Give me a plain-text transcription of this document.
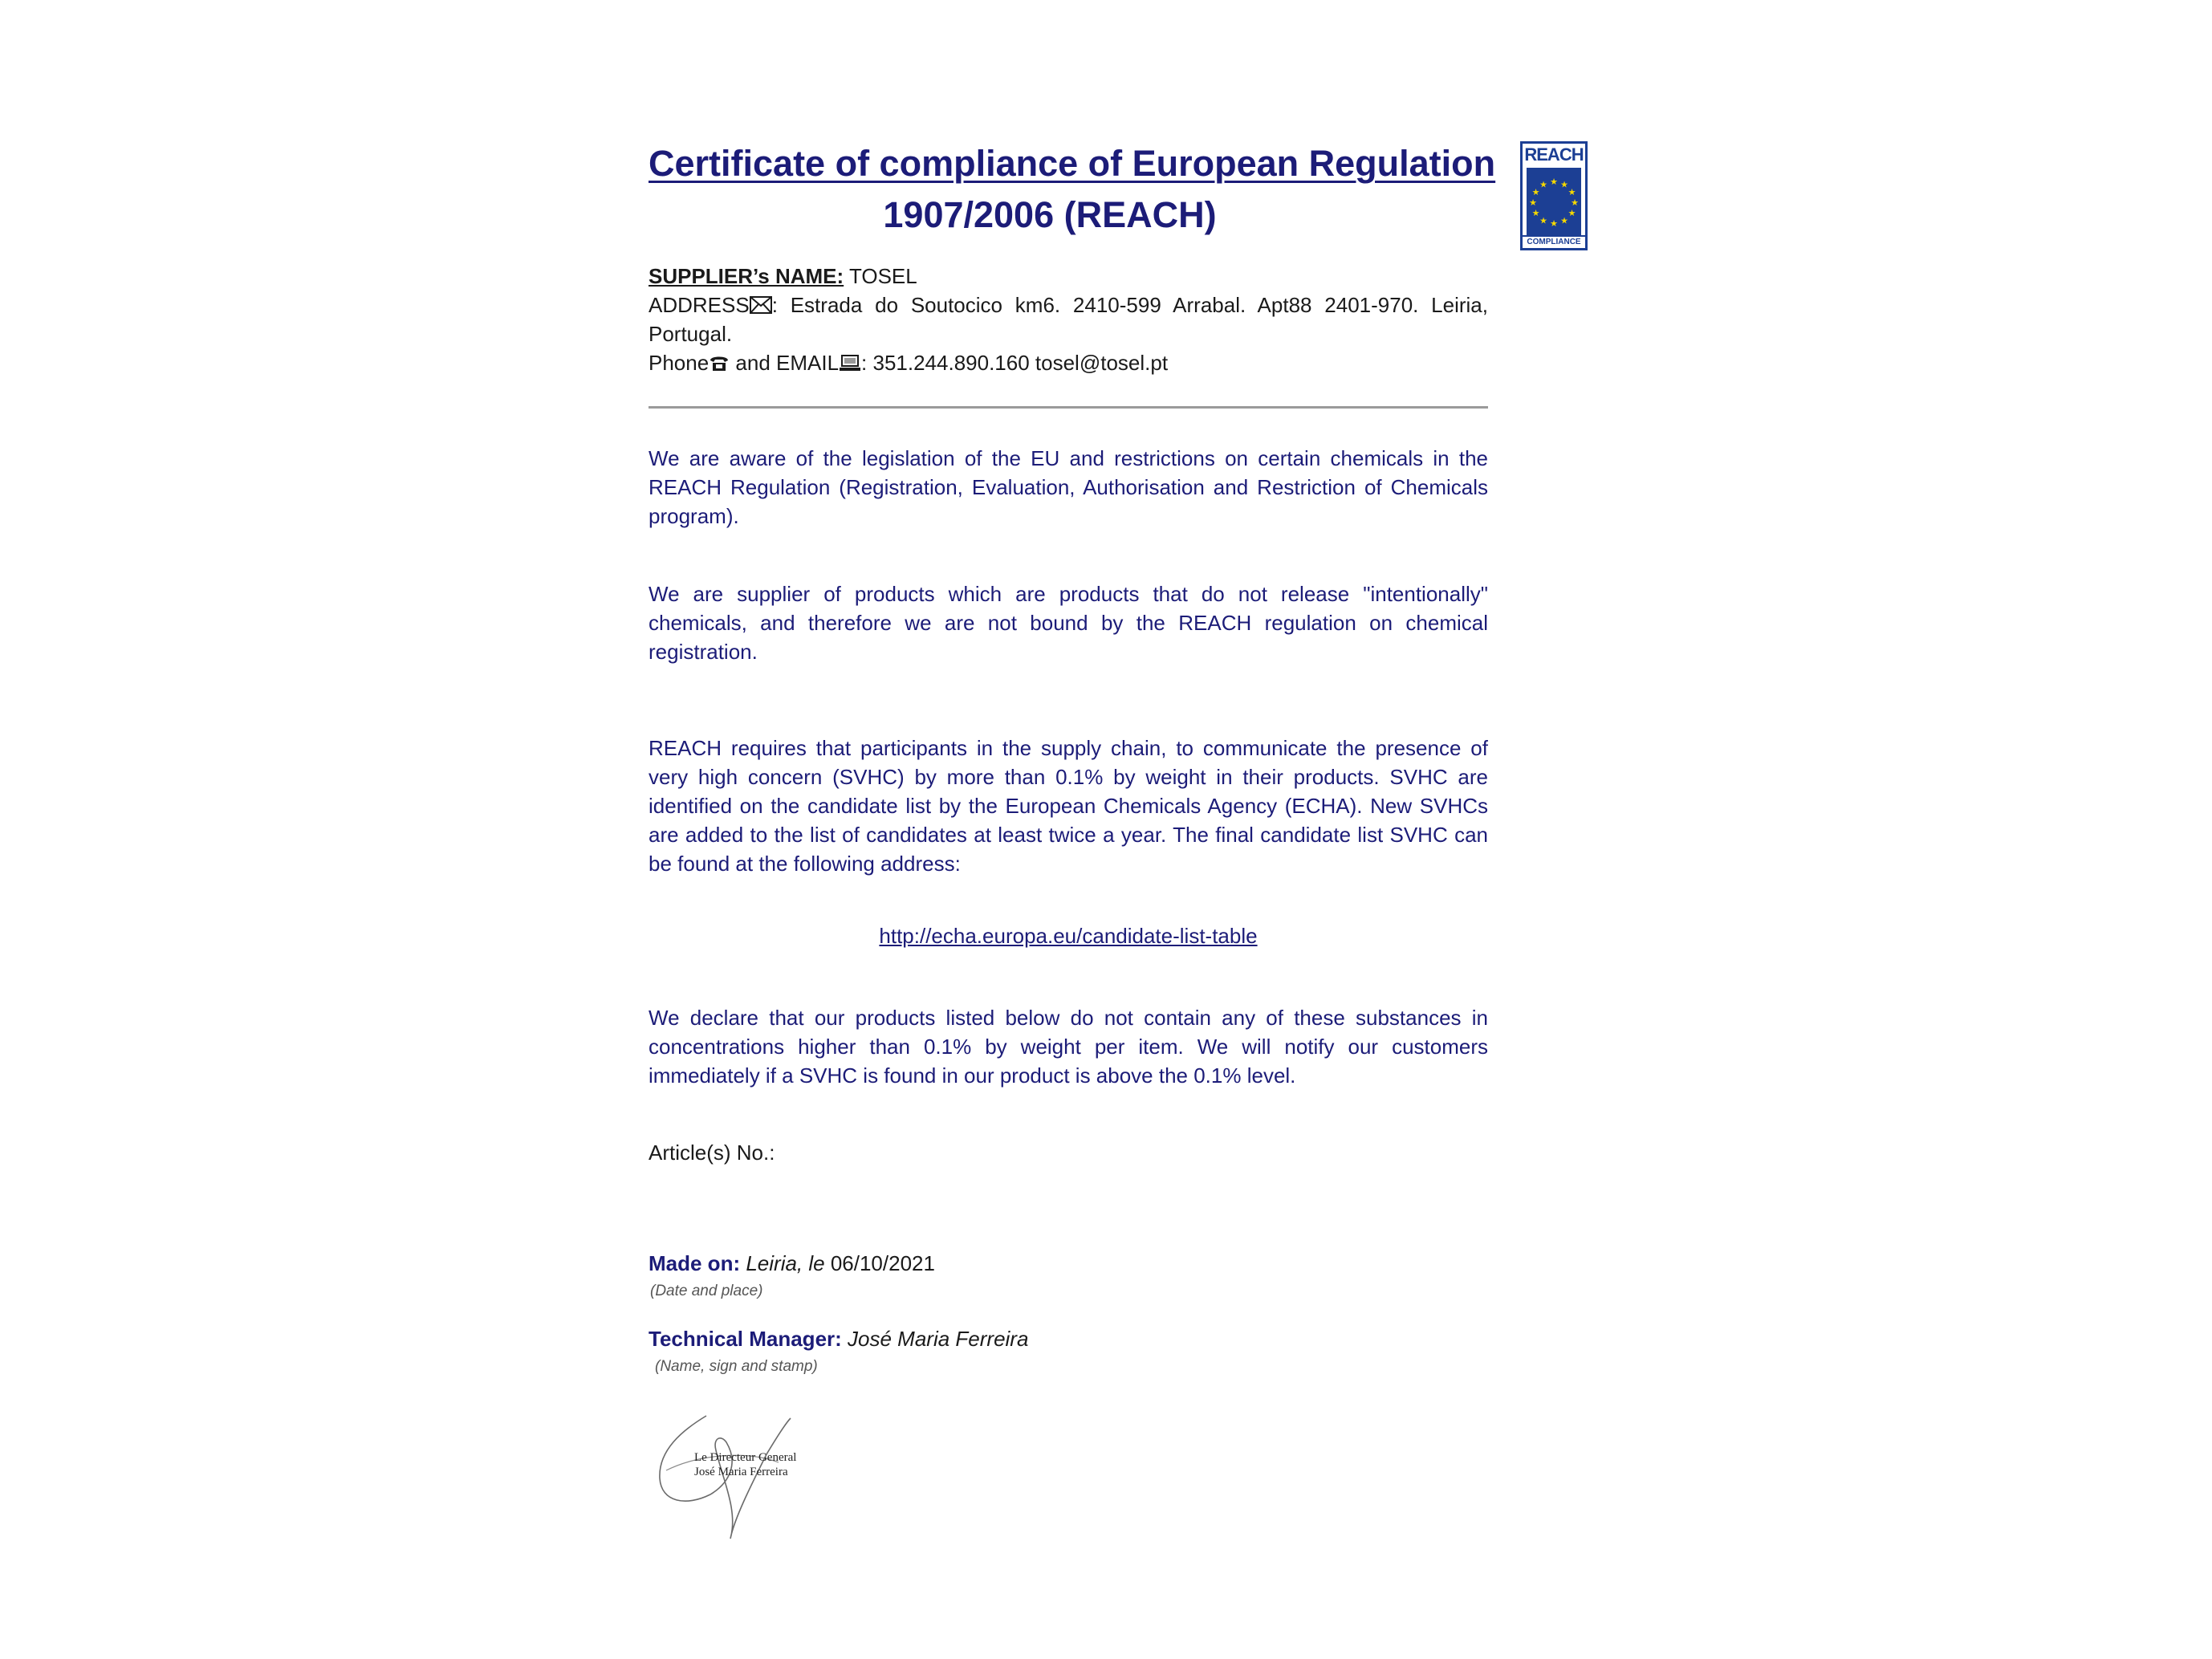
Certificate of compliance of European Regulation
1907/2006 (REACH)
REACH
★ ★
★
★
★
★
★
★
★
★
★
★
COMPLIANCE
SUPPLIER’s NAME: TOSEL
ADDRESS : Estrada do Soutocico km6. 2410-599 Arrabal. Apt88 2401-970. Leiria,
Portugal.
Phone and EMAIL : 351.244.890.160 tosel@tosel.pt
We are aware of the legislation of the EU and restrictions on certain chemicals in the
REACH Regulation (Registration, Evaluation, Authorisation and Restriction of Chemicals
program).
We are supplier of products which are products that do not release "intentionally"
chemicals, and therefore we are not bound by the REACH regulation on chemical
registration.
REACH requires that participants in the supply chain, to communicate the presence of
very high concern (SVHC) by more than 0.1% by weight in their products. SVHC are
identified on the candidate list by the European Chemicals Agency (ECHA). New SVHCs
are added to the list of candidates at least twice a year. The final candidate list SVHC can
be found at the following address:
http://echa.europa.eu/candidate-list-table
We declare that our products listed below do not contain any of these substances in
concentrations higher than 0.1% by weight per item. We will notify our customers
immediately if a SVHC is found in our product is above the 0.1% level.
Article(s) No.:
Made on: Leiria, le 06/10/2021
(Date and place)
Technical Manager: José Maria Ferreira
(Name, sign and stamp)
Le Directeur General
José Maria Ferreira
